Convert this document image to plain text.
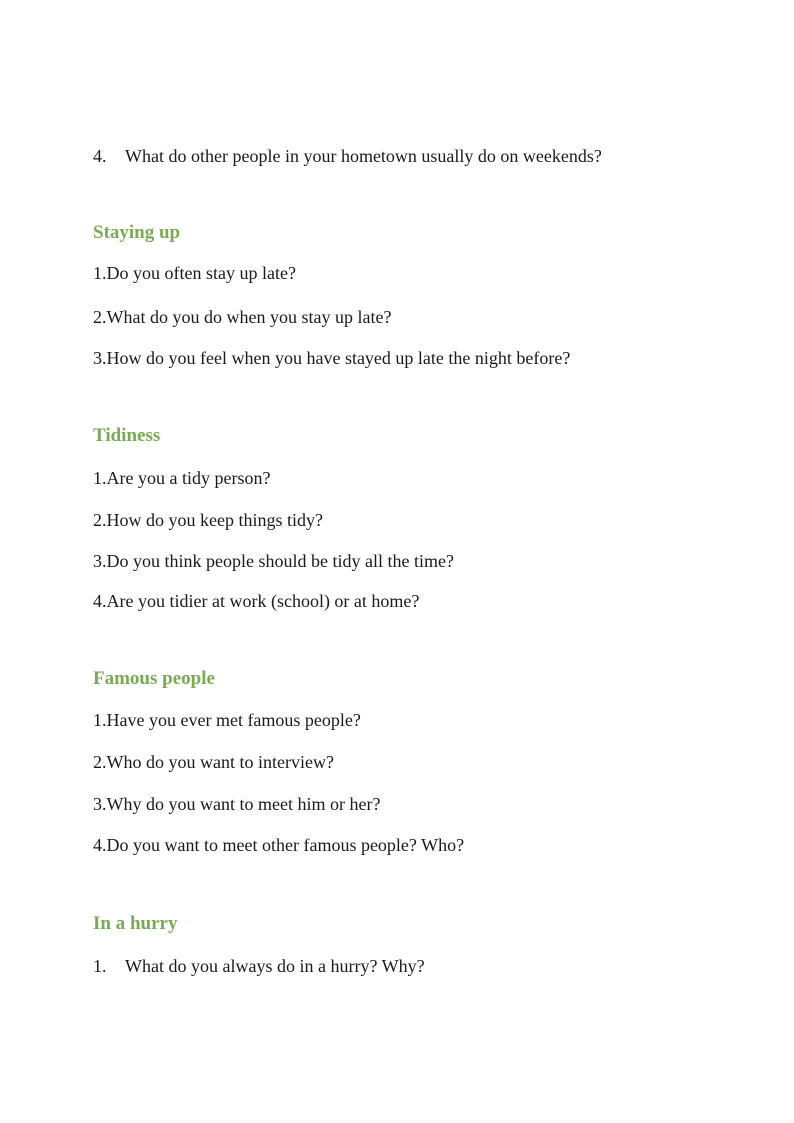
4. What do other people in your hometown usually do on weekends?
Staying up
1.Do you often stay up late?
2.What do you do when you stay up late?
3.How do you feel when you have stayed up late the night before?
Tidiness
1.Are you a tidy person?
2.How do you keep things tidy?
3.Do you think people should be tidy all the time?
4.Are you tidier at work (school) or at home?
Famous people
1.Have you ever met famous people?
2.Who do you want to interview?
3.Why do you want to meet him or her?
4.Do you want to meet other famous people? Who?
In a hurry
1. What do you always do in a hurry? Why?
